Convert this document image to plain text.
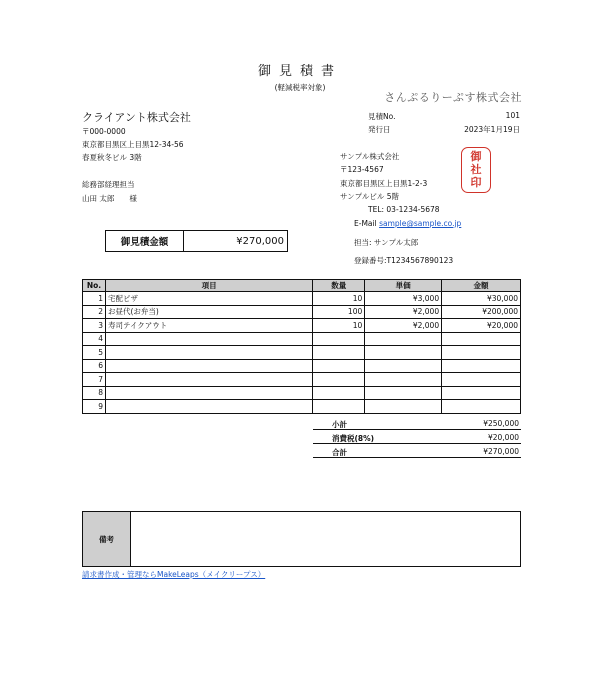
御見積書
(軽減税率対象)
さんぷるりーぷす株式会社
クライアント株式会社
〒000-0000
東京都目黒区上目黒12-34-56
春夏秋冬ビル 3階
総務部経理担当
山田 太郎　　様
見積No.	101
発行日	2023年1月19日
サンプル株式会社
〒123-4567
東京都目黒区上目黒1-2-3
サンプルビル 5階
TEL: 03-1234-5678
E-Mail sample@sample.co.jp
担当: サンプル太郎
登録番号:T1234567890123
御
社
印
御見積金額	¥270,000
No.	項目	数量	単価	金額
1	宅配ピザ	10	¥3,000	¥30,000
2	お昼代(お弁当)	100	¥2,000	¥200,000
3	寿司テイクアウト	10	¥2,000	¥20,000
4				
5				
6				
7				
8				
9				
小計	¥250,000
消費税(8%)	¥20,000
合計	¥270,000
備考
請求書作成・管理ならMakeLeaps（メイクリープス）
